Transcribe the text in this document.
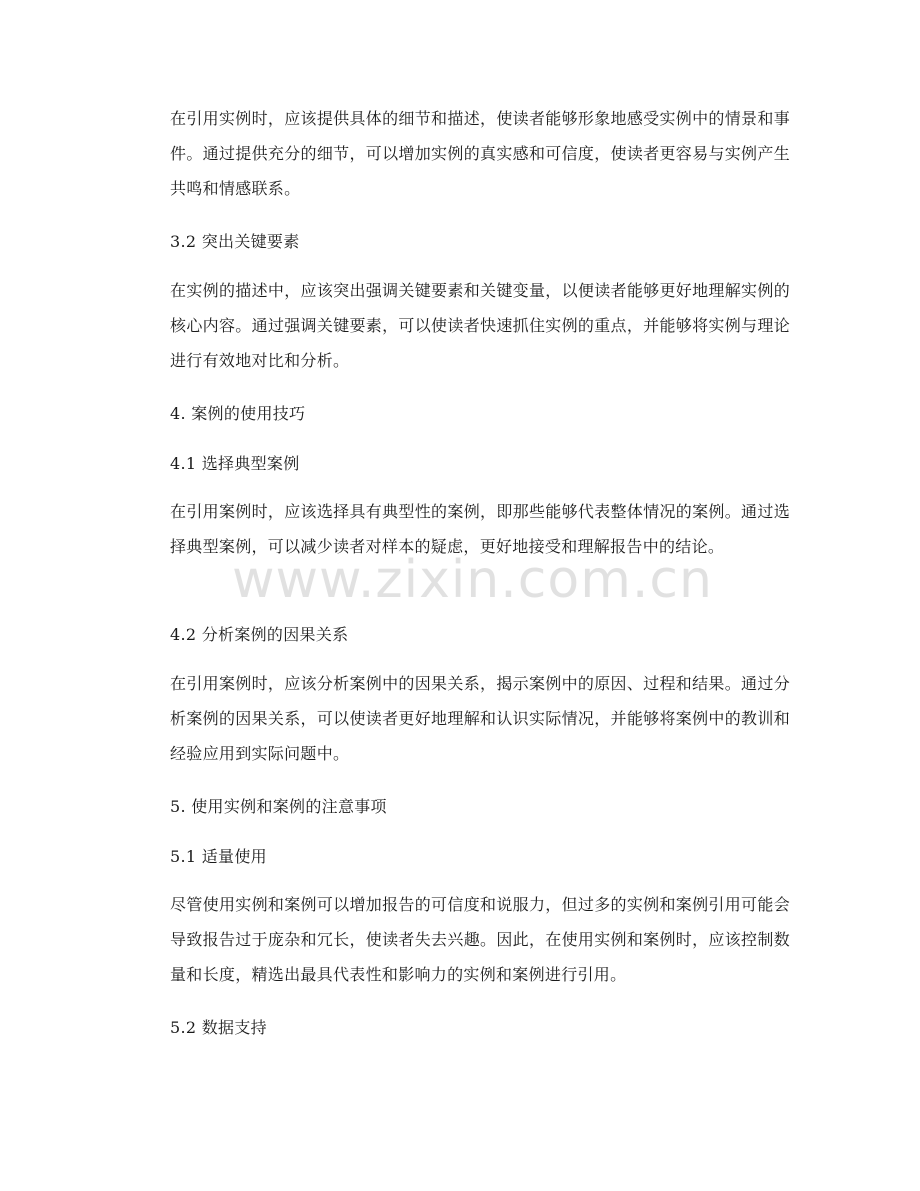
在引用实例时，应该提供具体的细节和描述，使读者能够形象地感受实例中的情景和事件。通过提供充分的细节，可以增加实例的真实感和可信度，使读者更容易与实例产生共鸣和情感联系。
3.2 突出关键要素
在实例的描述中，应该突出强调关键要素和关键变量，以便读者能够更好地理解实例的核心内容。通过强调关键要素，可以使读者快速抓住实例的重点，并能够将实例与理论进行有效地对比和分析。
4. 案例的使用技巧
4.1 选择典型案例
在引用案例时，应该选择具有典型性的案例，即那些能够代表整体情况的案例。通过选择典型案例，可以减少读者对样本的疑虑，更好地接受和理解报告中的结论。
4.2 分析案例的因果关系
在引用案例时，应该分析案例中的因果关系，揭示案例中的原因、过程和结果。通过分析案例的因果关系，可以使读者更好地理解和认识实际情况，并能够将案例中的教训和经验应用到实际问题中。
5. 使用实例和案例的注意事项
5.1 适量使用
尽管使用实例和案例可以增加报告的可信度和说服力，但过多的实例和案例引用可能会导致报告过于庞杂和冗长，使读者失去兴趣。因此，在使用实例和案例时，应该控制数量和长度，精选出最具代表性和影响力的实例和案例进行引用。
5.2 数据支持
www.zixin.com.cn
